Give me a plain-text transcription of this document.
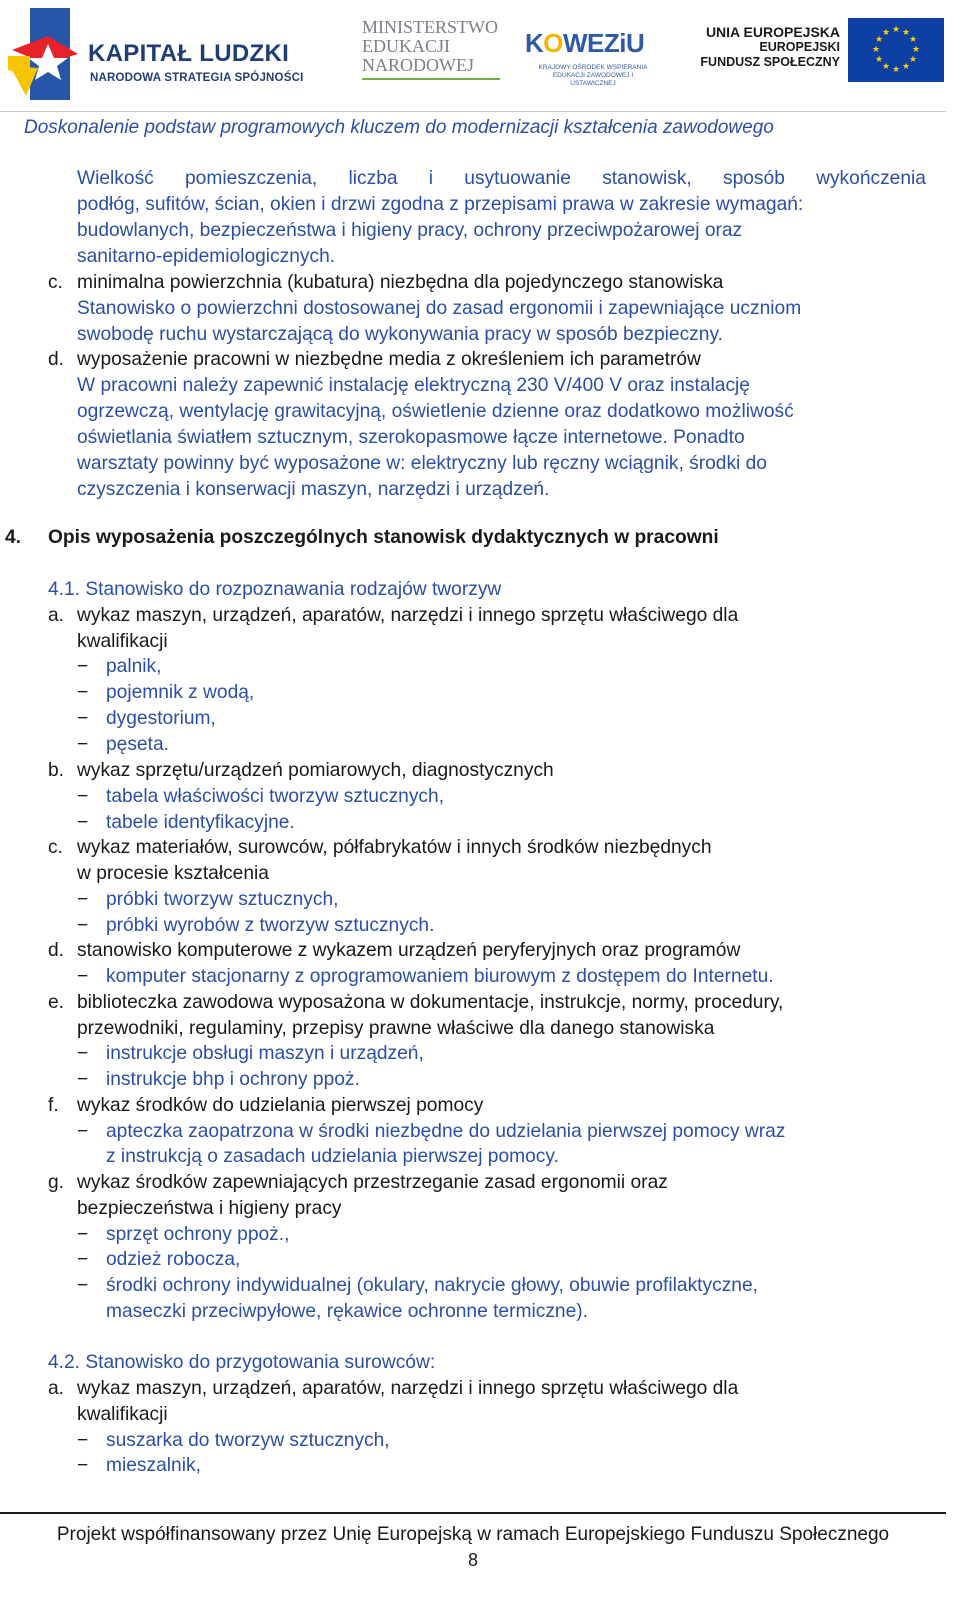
KAPITAŁ LUDZKI
NARODOWA STRATEGIA SPÓJNOŚCI
MINISTERSTWO
EDUKACJI
NARODOWEJ
KOWEZiU
KRAJOWY OŚRODEK WSPIERANIA EDUKACJI ZAWODOWEJ I USTAWICZNEJ
UNIA EUROPEJSKA
EUROPEJSKI
FUNDUSZ SPOŁECZNY
★ ★
★
★
★
★
★
★
★
★
★
★
Doskonalenie podstaw programowych kluczem do modernizacji kształcenia zawodowego
Wielkość pomieszczenia, liczba i usytuowanie stanowisk, sposób wykończenia
podłóg, sufitów, ścian, okien i drzwi zgodna z przepisami prawa w zakresie wymagań:
budowlanych, bezpieczeństwa i higieny pracy, ochrony przeciwpożarowej oraz
sanitarno-epidemiologicznych.
c. minimalna powierzchnia (kubatura) niezbędna dla pojedynczego stanowiska
Stanowisko o powierzchni dostosowanej do zasad ergonomii i zapewniające uczniom
swobodę ruchu wystarczającą do wykonywania pracy w sposób bezpieczny.
d. wyposażenie pracowni w niezbędne media z określeniem ich parametrów
W pracowni należy zapewnić instalację elektryczną 230 V/400 V oraz instalację
ogrzewczą, wentylację grawitacyjną, oświetlenie dzienne oraz dodatkowo możliwość
oświetlania światłem sztucznym, szerokopasmowe łącze internetowe. Ponadto
warsztaty powinny być wyposażone w: elektryczny lub ręczny wciągnik, środki do
czyszczenia i konserwacji maszyn, narzędzi i urządzeń.
4. Opis wyposażenia poszczególnych stanowisk dydaktycznych w pracowni
4.1. Stanowisko do rozpoznawania rodzajów tworzyw
a. wykaz maszyn, urządzeń, aparatów, narzędzi i innego sprzętu właściwego dla
kwalifikacji
− palnik,
− pojemnik z wodą,
− dygestorium,
− pęseta.
b. wykaz sprzętu/urządzeń pomiarowych, diagnostycznych
− tabela właściwości tworzyw sztucznych,
− tabele identyfikacyjne.
c. wykaz materiałów, surowców, półfabrykatów i innych środków niezbędnych
w procesie kształcenia
− próbki tworzyw sztucznych,
− próbki wyrobów z tworzyw sztucznych.
d. stanowisko komputerowe z wykazem urządzeń peryferyjnych oraz programów
− komputer stacjonarny z oprogramowaniem biurowym z dostępem do Internetu.
e. biblioteczka zawodowa wyposażona w dokumentacje, instrukcje, normy, procedury,
przewodniki, regulaminy, przepisy prawne właściwe dla danego stanowiska
− instrukcje obsługi maszyn i urządzeń,
− instrukcje bhp i ochrony ppoż.
f. wykaz środków do udzielania pierwszej pomocy
− apteczka zaopatrzona w środki niezbędne do udzielania pierwszej pomocy wraz
z instrukcją o zasadach udzielania pierwszej pomocy.
g. wykaz środków zapewniających przestrzeganie zasad ergonomii oraz
bezpieczeństwa i higieny pracy
− sprzęt ochrony ppoż.,
− odzież robocza,
− środki ochrony indywidualnej (okulary, nakrycie głowy, obuwie profilaktyczne,
maseczki przeciwpyłowe, rękawice ochronne termiczne).
4.2. Stanowisko do przygotowania surowców:
a. wykaz maszyn, urządzeń, aparatów, narzędzi i innego sprzętu właściwego dla
kwalifikacji
− suszarka do tworzyw sztucznych,
− mieszalnik,
Projekt współfinansowany przez Unię Europejską w ramach Europejskiego Funduszu Społecznego
8
